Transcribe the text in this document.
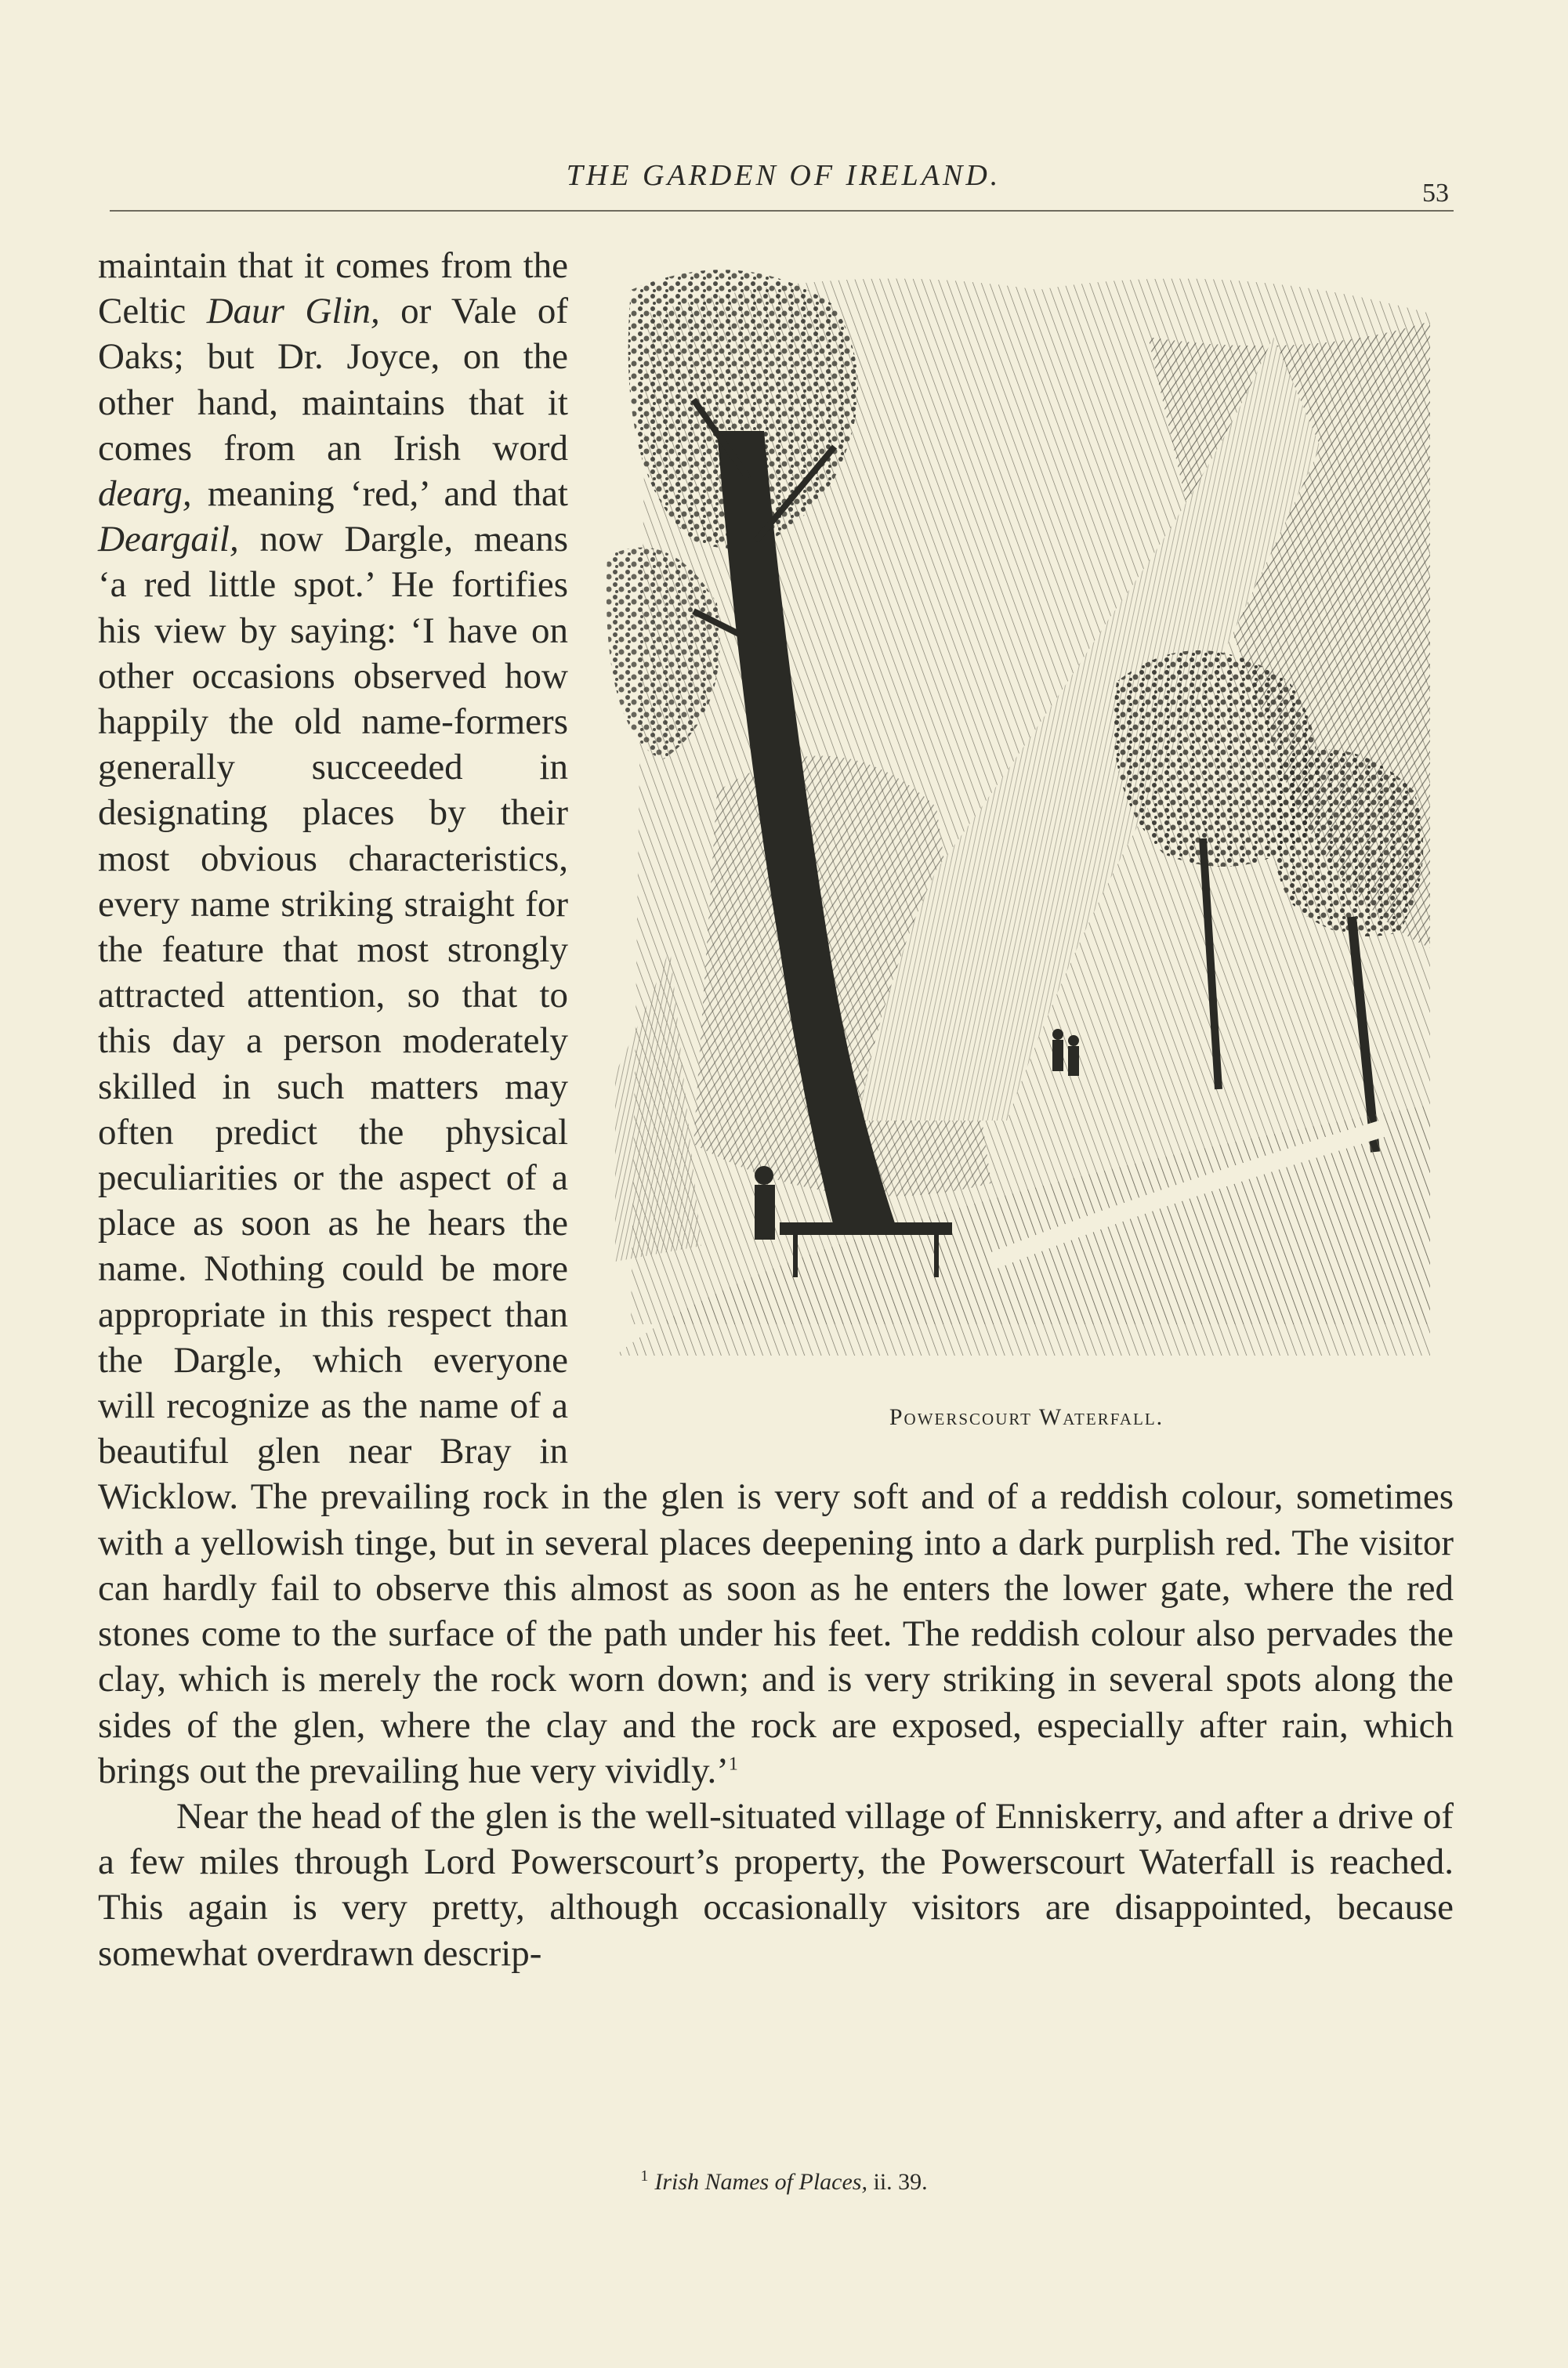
THE GARDEN OF IRELAND.
53
Powerscourt Waterfall.

maintain that it comes from the Celtic Daur Glin, or Vale of Oaks; but Dr. Joyce, on the other hand, maintains that it comes from an Irish word dearg, meaning ‘red,’ and that Deargail, now Dargle, means ‘a red little spot.’ He fortifies his view by saying: ‘I have on other occasions observed how happily the old name-formers generally succeeded in designating places by their most obvious characteristics, every name striking straight for the feature that most strongly attracted attention, so that to this day a person moderately skilled in such matters may often predict the physical peculiarities or the aspect of a place as soon as he hears the name. Nothing could be more appropriate in this respect than the Dargle, which everyone will recognize as the name of a beautiful glen near Bray in Wicklow. The prevailing rock in the glen is very soft and of a reddish colour, sometimes with a yellowish tinge, but in several places deepening into a dark purplish red. The visitor can hardly fail to observe this almost as soon as he enters the lower gate, where the red stones come to the surface of the path under his feet. The reddish colour also pervades the clay, which is merely the rock worn down; and is very striking in several spots along the sides of the glen, where the clay and the rock are exposed, especially after rain, which brings out the prevailing hue very vividly.’$^1$

Near the head of the glen is the well-situated village of Enniskerry, and after a drive of a few miles through Lord Powerscourt’s property, the Powerscourt Waterfall is reached. This again is very pretty, although occasionally visitors are disappointed, because somewhat overdrawn descrip-

$^1$ Irish Names of Places, ii. 39.
